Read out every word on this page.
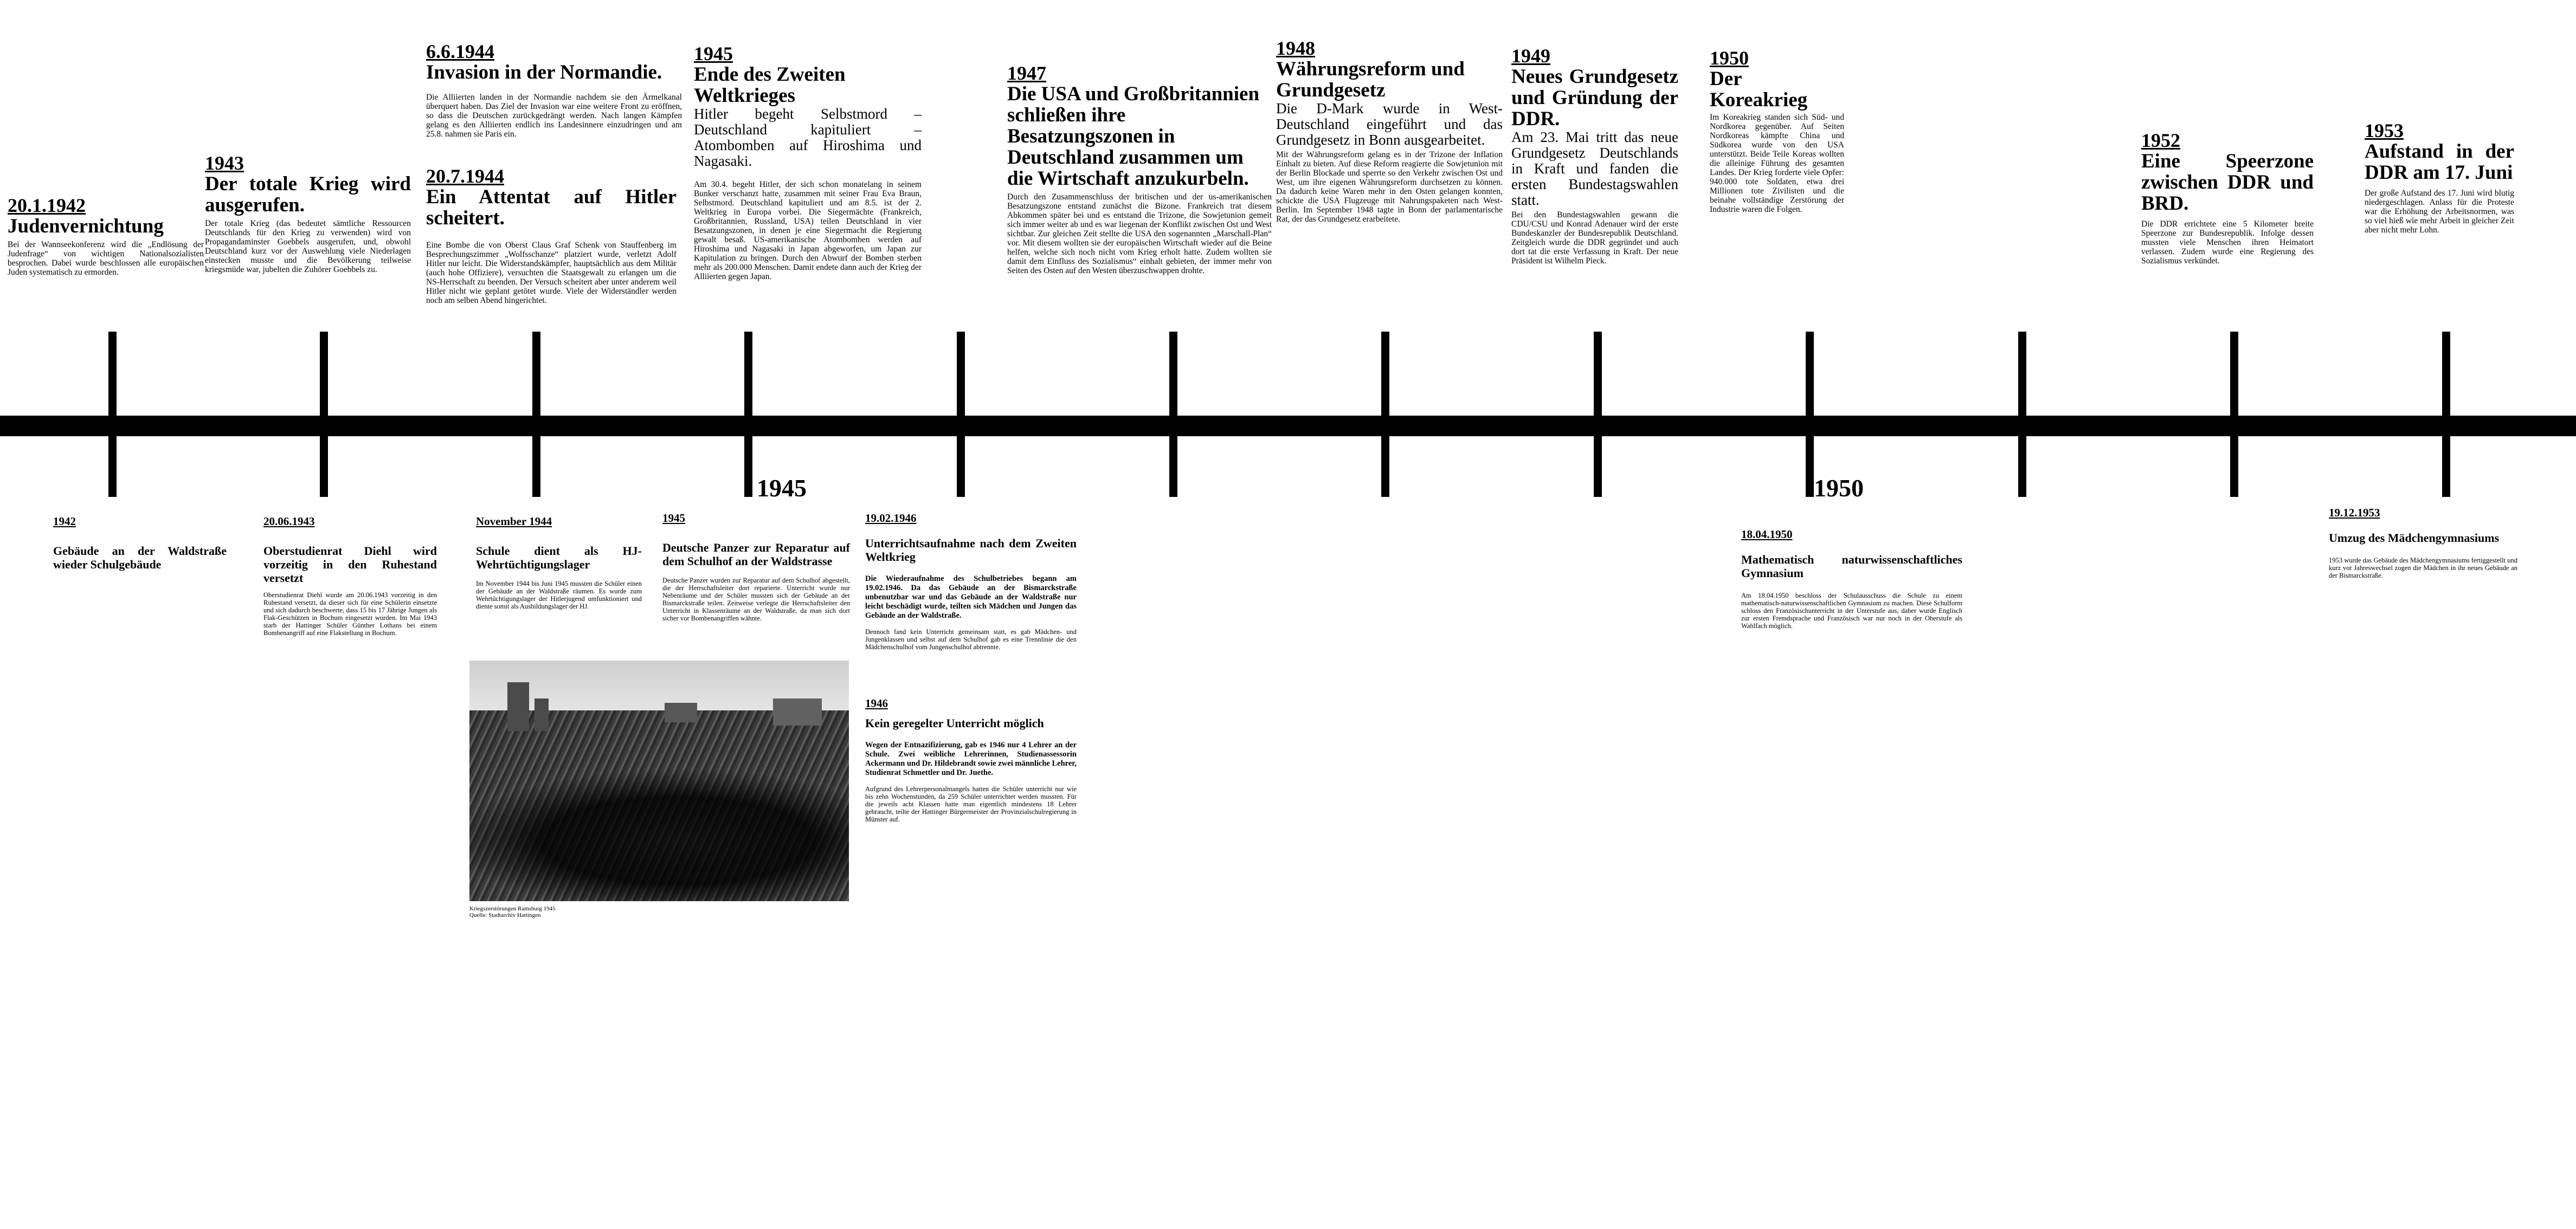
1945	1950
20.1.1942
Judenvernichtung
Bei der Wannseekonferenz wird die „Endlösung der Judenfrage“ von wichtigen Nationalsozialisten besprochen. Dabei wurde beschlossen alle europäischen Juden systematisch zu ermorden.
1943
Der totale Krieg wird ausgerufen.
Der totale Krieg (das bedeutet sämtliche Ressourcen Deutschlands für den Krieg zu verwenden) wird von Propagandaminster Goebbels ausgerufen, und, obwohl Deutschland kurz vor der Auswehlung viele Niederlagen einstecken musste und die Bevölkerung teilweise kriegsmüde war, jubelten die Zuhörer Goebbels zu.
6.6.1944
Invasion in der Normandie.
Die Alliierten landen in der Normandie nachdem sie den Ärmelkanal überquert haben. Das Ziel der Invasion war eine weitere Front zu eröffnen, so dass die Deutschen zurückgedrängt werden. Nach langen Kämpfen gelang es den Alliierten endlich ins Landesinnere einzudringen und am 25.8. nahmen sie Paris ein.
20.7.1944
Ein Attentat auf Hitler scheitert.
Eine Bombe die von Oberst Claus Graf Schenk von Stauffenberg im Besprechungszimmer „Wolfsschanze“ platziert wurde, verletzt Adolf Hitler nur leicht. Die Widerstandskämpfer, hauptsächlich aus dem Militär (auch hohe Offiziere), versuchten die Staatsgewalt zu erlangen um die NS-Herrschaft zu beenden. Der Versuch scheitert aber unter anderem weil Hitler nicht wie geplant getötet wurde. Viele der Widerständler werden noch am selben Abend hingerichtet.
1945
Ende des Zweiten Weltkrieges
Hitler begeht Selbstmord – Deutschland kapituliert – Atombomben auf Hiroshima und Nagasaki.
Am 30.4. begeht Hitler, der sich schon monatelang in seinem Bunker verschanzt hatte, zusammen mit seiner Frau Eva Braun, Selbstmord. Deutschland kapituliert und am 8.5. ist der 2. Weltkrieg in Europa vorbei. Die Siegermächte (Frankreich, Großbritannien, Russland, USA) teilen Deutschland in vier Besatzungszonen, in denen je eine Siegermacht die Regierung gewalt besaß. US-amerikanische Atombomben werden auf Hiroshima und Nagasaki in Japan abgeworfen, um Japan zur Kapitulation zu bringen. Durch den Abwurf der Bomben sterben mehr als 200.000 Menschen. Damit endete dann auch der Krieg der Alliierten gegen Japan.
1947
Die USA und Großbritannien schließen ihre Besatzungszonen in Deutschland zusammen um die Wirtschaft anzukurbeln.
Durch den Zusammenschluss der britischen und der us-amerikanischen Besatzungszone entstand zunächst die Bizone. Frankreich trat diesem Abkommen später bei und es entstand die Trizone, die Sowjetunion gemeit sich immer weiter ab und es war liegenan der Konflikt zwischen Ost und West sichtbar. Zur gleichen Zeit stellte die USA den sogenannten „Marschall-Plan“ vor. Mit diesem wollten sie der europäischen Wirtschaft wieder auf die Beine helfen, welche sich noch nicht vom Krieg erholt hatte. Zudem wollten sie damit dem Einfluss des Sozialismus“ einhalt gebieten, der immer mehr von Seiten des Osten auf den Westen überzuschwappen drohte.
1948
Währungsreform und Grundgesetz
Die D-Mark wurde in West-Deutschland eingeführt und das Grundgesetz in Bonn ausgearbeitet.
Mit der Währungsreform gelang es in der Trizone der Inflation Einhalt zu bieten. Auf diese Reform reagierte die Sowjetunion mit der Berlin Blockade und sperrte so den Verkehr zwischen Ost und West, um ihre eigenen Währungsreform durchsetzen zu können. Da dadurch keine Waren mehr in den Osten gelangen konnten, schickte die USA Flugzeuge mit Nahrungspaketen nach West-Berlin. Im September 1948 tagte in Bonn der parlamentarische Rat, der das Grundgesetz erarbeitete.
1949
Neues Grundgesetz und Gründung der DDR.
Am 23. Mai tritt das neue Grundgesetz Deutschlands in Kraft und fanden die ersten Bundestagswahlen statt.
Bei den Bundestagswahlen gewann die CDU/CSU und Konrad Adenauer wird der erste Bundeskanzler der Bundesrepublik Deutschland. Zeitgleich wurde die DDR gegründet und auch dort tat die erste Verfassung in Kraft. Der neue Präsident ist Wilhelm Pieck.
1950
Der Koreakrieg
Im Koreakrieg standen sich Süd- und Nordkorea gegenüber. Auf Seiten Nordkoreas kämpfte China und Südkorea wurde von den USA unterstützt. Beide Teile Koreas wollten die alleinige Führung des gesamten Landes. Der Krieg forderte viele Opfer: 940.000 tote Soldaten, etwa drei Millionen tote Zivilisten und die beinahe vollständige Zerstörung der Industrie waren die Folgen.
1952
Eine Speerzone zwischen DDR und BRD.
Die DDR errichtete eine 5 Kilometer breite Speerzone zur Bundesrepublik. Infolge dessen mussten viele Menschen ihren Heimatort verlassen. Zudem wurde eine Regierung des Sozialismus verkündet.
1953
Aufstand in der DDR am 17. Juni
Der große Aufstand des 17. Juni wird blutig niedergeschlagen. Anlass für die Proteste war die Erhöhung der Arbeitsnormen, was so viel hieß wie mehr Arbeit in gleicher Zeit aber nicht mehr Lohn.
1942
Gebäude an der Waldstraße wieder Schulgebäude
20.06.1943
Oberstudienrat Diehl wird vorzeitig in den Ruhestand versetzt
Oberstudienrat Diehl wurde am 20.06.1943 vorzeitig in den Ruhestand versetzt, da dieser sich für eine Schülerin einsetzte und sich dadurch beschwerte, dass 15 bis 17 Jährige Jungen als Flak-Geschützen in Bochum eingesetzt wurden. Im Mai 1943 starb der Hattinger Schüler Günther Lothans bei einem Bombenangriff auf eine Flakstellung in Bochum.
November 1944
Schule dient als HJ-Wehrtüchtigungslager
Im November 1944 bis Juni 1945 mussten die Schüler einen der Gebäude an der Waldstraße räumen. Es wurde zum Wehrtüchtigungslager der Hitlerjugend umfunktioniert und diente somit als Ausbildungslager der HJ.
1945
Deutsche Panzer zur Reparatur auf dem Schulhof an der Waldstrasse
Deutsche Panzer wurden zur Reparatur auf dem Schulhof abgestellt, die der Herrschaftsleiter dort reparierte. Unterricht wurde nur Nebenräume und der Schüler mussten sich der Gebäude an der Bismarckstraße teilen. Zeitweise verlegte die Herrschaftsleiter den Unterricht in Klassenräume an der Waldstraße, da man sich dort sicher vor Bombenangriffen wähnte.
19.02.1946
Unterrichtsaufnahme nach dem Zweiten Weltkrieg
Die Wiederaufnahme des Schulbetriebes begann am 19.02.1946. Da das Gebäude an der Bismarckstraße unbenutzbar war und das Gebäude an der Waldstraße nur leicht beschädigt wurde, teilten sich Mädchen und Jungen das Gebäude an der Waldstraße.
Dennoch fand kein Unterricht gemeinsam statt, es gab Mädchen- und Jungenklassen und selbst auf dem Schulhof gab es eine Trennlinie die den Mädchenschulhof vom Jungenschulhof abtrennte.
1946
Kein geregelter Unterricht möglich
Wegen der Entnazifizierung, gab es 1946 nur 4 Lehrer an der Schule. Zwei weibliche Lehrerinnen, Studienassessorin Ackermann und Dr. Hildebrandt sowie zwei männliche Lehrer, Studienrat Schmettler und Dr. Juethe.
Aufgrund des Lehrerpersonalmangels hatten die Schüler unterricht nur wie bis zehn Wochenstunden, da 259 Schüler unterrichtet werden mussten. Für die jeweils acht Klassen hatte man eigentlich mindestens 18 Lehrer gebraucht, teilte der Hattinger Bürgermeister der Provinzialschulregierung in Münster auf.
18.04.1950
Mathematisch naturwissenschaftliches Gymnasium
Am 18.04.1950 beschloss der Schulausschuss die Schule zu einem mathematisch-naturwissenschaftlichen Gymnasium zu machen. Diese Schulform schloss den Französischunterricht in der Unterstufe aus, daher wurde Englisch zur ersten Fremdsprache und Französisch war nur noch in der Oberstufe als Wahlfach möglich.
19.12.1953
Umzug des Mädchengymnasiums
1953 wurde das Gebäude des Mädchengymnasiums fertiggestellt und kurz vor Jahreswechsel zogen die Mädchen in ihr neues Gebäude an der Bismarckstraße.
Kriegszerstörungen Ramsburg 1945
Quelle: Stadtarchiv Hattingen
